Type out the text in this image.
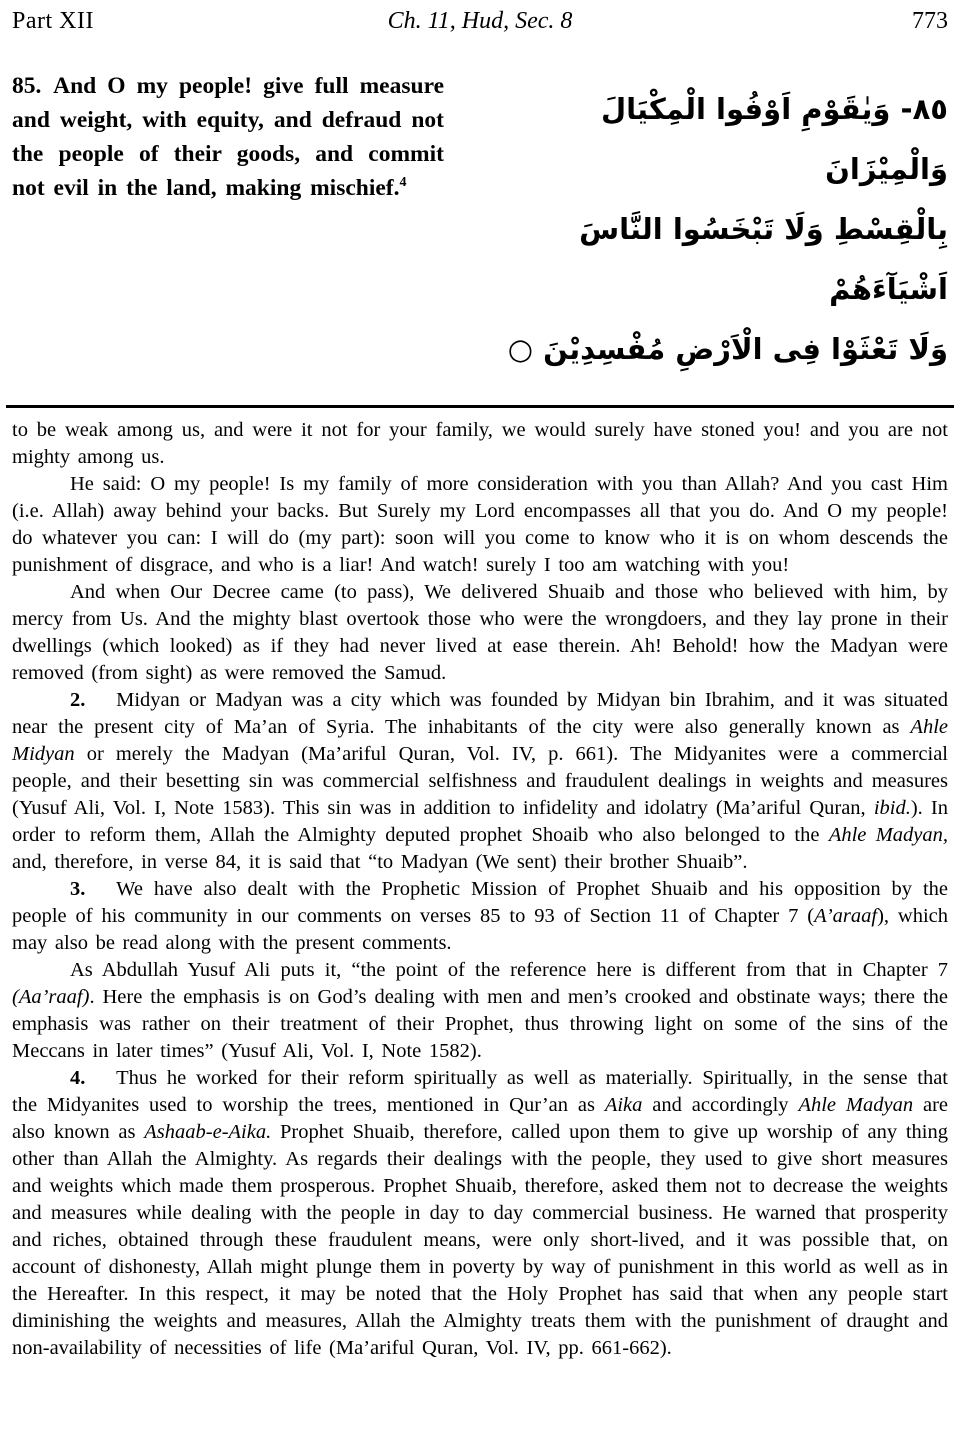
Part XII	Ch. 11, Hud, Sec. 8	773
85. And O my people! give full measure and weight, with equity, and defraud not the people of their goods, and commit not evil in the land, making mischief.$^4$
٨٥- وَيٰقَوْمِ اَوْفُوا الْمِكْيَالَ وَالْمِيْزَانَ
بِالْقِسْطِ وَلَا تَبْخَسُوا النَّاسَ اَشْيَآءَهُمْ
وَلَا تَعْثَوْا فِى الْاَرْضِ مُفْسِدِيْنَ ○

to be weak among us, and were it not for your family, we would surely have stoned you! and you are not mighty among us.

He said: O my people! Is my family of more consideration with you than Allah? And you cast Him (i.e. Allah) away behind your backs. But Surely my Lord encompasses all that you do. And O my people! do whatever you can: I will do (my part): soon will you come to know who it is on whom descends the punishment of disgrace, and who is a liar! And watch! surely I too am watching with you!

And when Our Decree came (to pass), We delivered Shuaib and those who believed with him, by mercy from Us. And the mighty blast overtook those who were the wrongdoers, and they lay prone in their dwellings (which looked) as if they had never lived at ease therein. Ah! Behold! how the Madyan were removed (from sight) as were removed the Samud.

2.  Midyan or Madyan was a city which was founded by Midyan bin Ibrahim, and it was situated near the present city of Ma’an of Syria. The inhabitants of the city were also generally known as Ahle Midyan or merely the Madyan (Ma’ariful Quran, Vol. IV, p. 661). The Midyanites were a commercial people, and their besetting sin was commercial selfishness and fraudulent dealings in weights and measures (Yusuf Ali, Vol. I, Note 1583). This sin was in addition to infidelity and idolatry (Ma’ariful Quran, ibid.). In order to reform them, Allah the Almighty deputed prophet Shoaib who also belonged to the Ahle Madyan, and, therefore, in verse 84, it is said that “to Madyan (We sent) their brother Shuaib”.

3.  We have also dealt with the Prophetic Mission of Prophet Shuaib and his opposition by the people of his community in our comments on verses 85 to 93 of Section 11 of Chapter 7 (A’araaf), which may also be read along with the present comments.

As Abdullah Yusuf Ali puts it, “the point of the reference here is different from that in Chapter 7 (Aa’raaf). Here the emphasis is on God’s dealing with men and men’s crooked and obstinate ways; there the emphasis was rather on their treatment of their Prophet, thus throwing light on some of the sins of the Meccans in later times” (Yusuf Ali, Vol. I, Note 1582).

4.  Thus he worked for their reform spiritually as well as materially. Spiritually, in the sense that the Midyanites used to worship the trees, mentioned in Qur’an as Aika and accordingly Ahle Madyan are also known as Ashaab-e-Aika. Prophet Shuaib, therefore, called upon them to give up worship of any thing other than Allah the Almighty. As regards their dealings with the people, they used to give short measures and weights which made them prosperous. Prophet Shuaib, therefore, asked them not to decrease the weights and measures while dealing with the people in day to day commercial business. He warned that prosperity and riches, obtained through these fraudulent means, were only short-lived, and it was possible that, on account of dishonesty, Allah might plunge them in poverty by way of punishment in this world as well as in the Hereafter. In this respect, it may be noted that the Holy Prophet has said that when any people start diminishing the weights and measures, Allah the Almighty treats them with the punishment of draught and non-availability of necessities of life (Ma’ariful Quran, Vol. IV, pp. 661-662).
